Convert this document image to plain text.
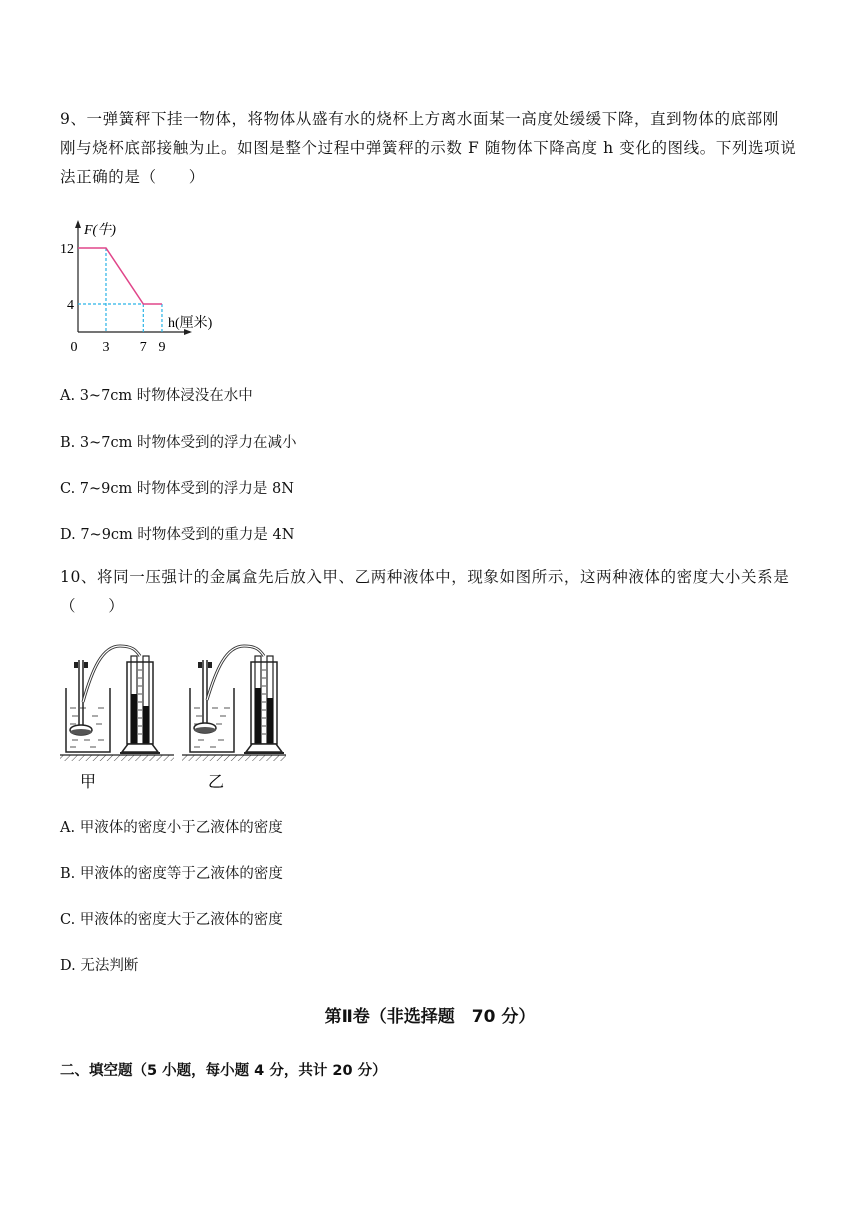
9、一弹簧秤下挂一物体，将物体从盛有水的烧杯上方离水面某一高度处缓缓下降，直到物体的底部刚
刚与烧杯底部接触为止。如图是整个过程中弹簧秤的示数 F 随物体下降高度 h 变化的图线。下列选项说
法正确的是（　　）
F(牛)
h(厘米)
0 3 7 9
12
4
A. 3~7cm 时物体浸没在水中
B. 3~7cm 时物体受到的浮力在减小
C. 7~9cm 时物体受到的浮力是 8N
D. 7~9cm 时物体受到的重力是 4N
10、将同一压强计的金属盒先后放入甲、乙两种液体中，现象如图所示，这两种液体的密度大小关系是
（　　）
甲	乙
A. 甲液体的密度小于乙液体的密度
B. 甲液体的密度等于乙液体的密度
C. 甲液体的密度大于乙液体的密度
D. 无法判断
第Ⅱ卷（非选择题　70 分）
二、填空题（5 小题，每小题 4 分，共计 20 分）
